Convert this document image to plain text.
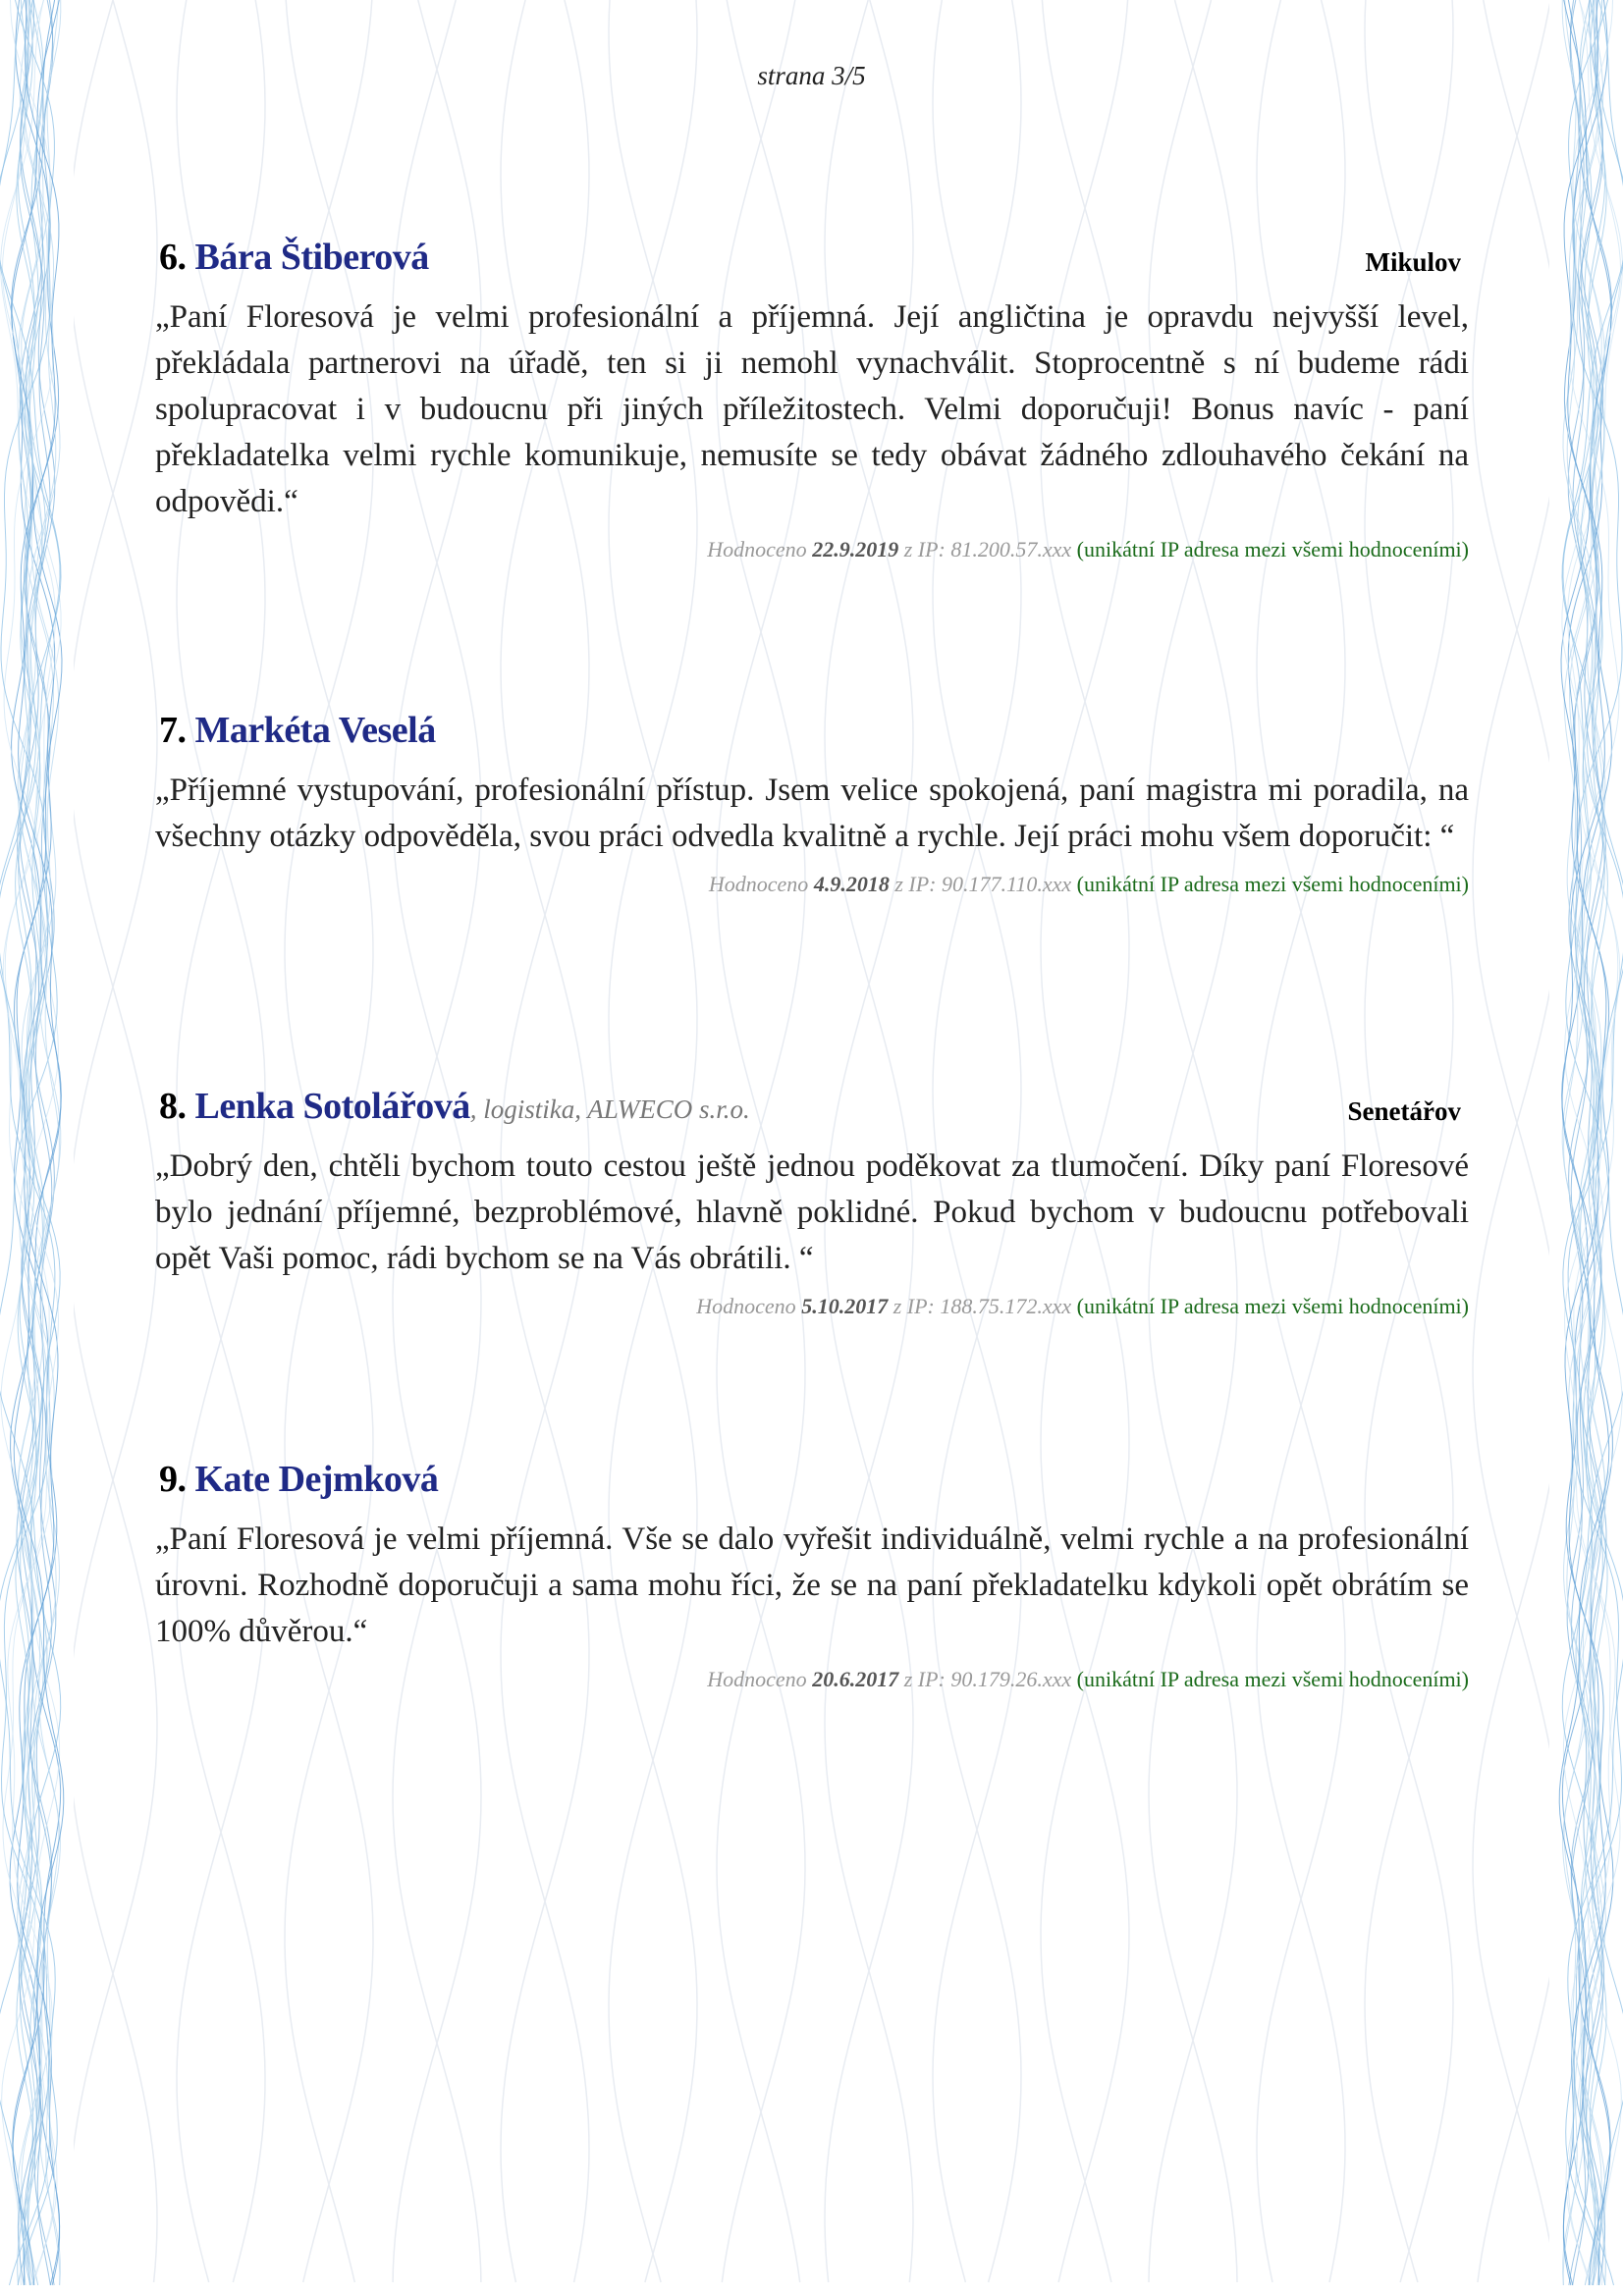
strana 3/5
6. Bára Štiberová	Mikulov
„Paní Floresová je velmi profesionální a příjemná. Její angličtina je opravdu nejvyšší level, překládala partnerovi na úřadě, ten si ji nemohl vynachválit. Stoprocentně s ní budeme rádi spolupracovat i v budoucnu při jiných příležitostech. Velmi doporučuji! Bonus navíc - paní překladatelka velmi rychle komunikuje, nemusíte se tedy obávat žádného zdlouhavého čekání na odpovědi.“
Hodnoceno 22.9.2019 z IP: 81.200.57.xxx (unikátní IP adresa mezi všemi hodnoceními)
7. Markéta Veselá
„Příjemné vystupování, profesionální přístup. Jsem velice spokojená, paní magistra mi poradila, na všechny otázky odpověděla, svou práci odvedla kvalitně a rychle. Její práci mohu všem doporučit: “
Hodnoceno 4.9.2018 z IP: 90.177.110.xxx (unikátní IP adresa mezi všemi hodnoceními)
8. Lenka Sotolářová, logistika, ALWECO s.r.o.	Senetářov
„Dobrý den, chtěli bychom touto cestou ještě jednou poděkovat za tlumočení. Díky paní Floresové bylo jednání příjemné, bezproblémové, hlavně poklidné. Pokud bychom v budoucnu potřebovali opět Vaši pomoc, rádi bychom se na Vás obrátili. “
Hodnoceno 5.10.2017 z IP: 188.75.172.xxx (unikátní IP adresa mezi všemi hodnoceními)
9. Kate Dejmková
„Paní Floresová je velmi příjemná. Vše se dalo vyřešit individuálně, velmi rychle a na profesionální úrovni. Rozhodně doporučuji a sama mohu říci, že se na paní překladatelku kdykoli opět obrátím se 100% důvěrou.“
Hodnoceno 20.6.2017 z IP: 90.179.26.xxx (unikátní IP adresa mezi všemi hodnoceními)
